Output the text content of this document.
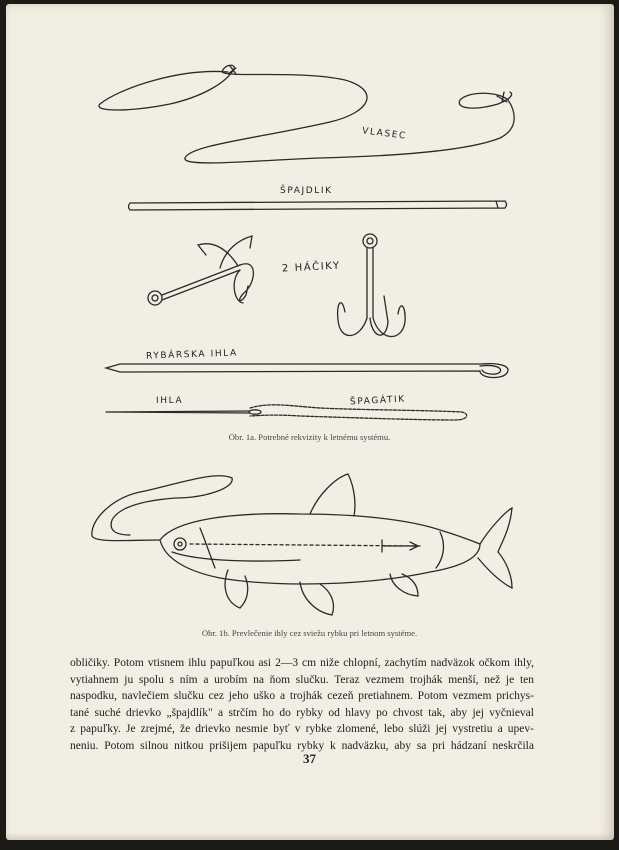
VLASEC
ŠPAJDLIK
2 HÁČIKY
RYBÁRSKA IHLA
IHLA	ŠPAGÁTIK
Obr. 1a. Potrebné rekvizity k letnému systému.
Obr. 1b. Prevlečenie ihly cez sviežu rybku pri letnom systéme.
obličiky. Potom vtisnem ihlu papuľkou asi 2—3 cm niže chlopní, zachytím nadväzok očkom ihly,
vytiahnem ju spolu s ním a urobím na ňom slučku. Teraz vezmem trojhák menší, než je ten
naspodku, navlečiem slučku cez jeho uško a trojhák cezeň pretiahnem. Potom vezmem prichys-
tané suché drievko „špajdlík" a strčím ho do rybky od hlavy po chvost tak, aby jej vyčnieval
z papuľky. Je zrejmé, že drievko nesmie byť v rybke zlomené, lebo slúži jej vystretiu a upev-
neniu. Potom silnou nitkou prišijem papuľku rybky k nadväzku, aby sa pri hádzaní neskrčila
37
